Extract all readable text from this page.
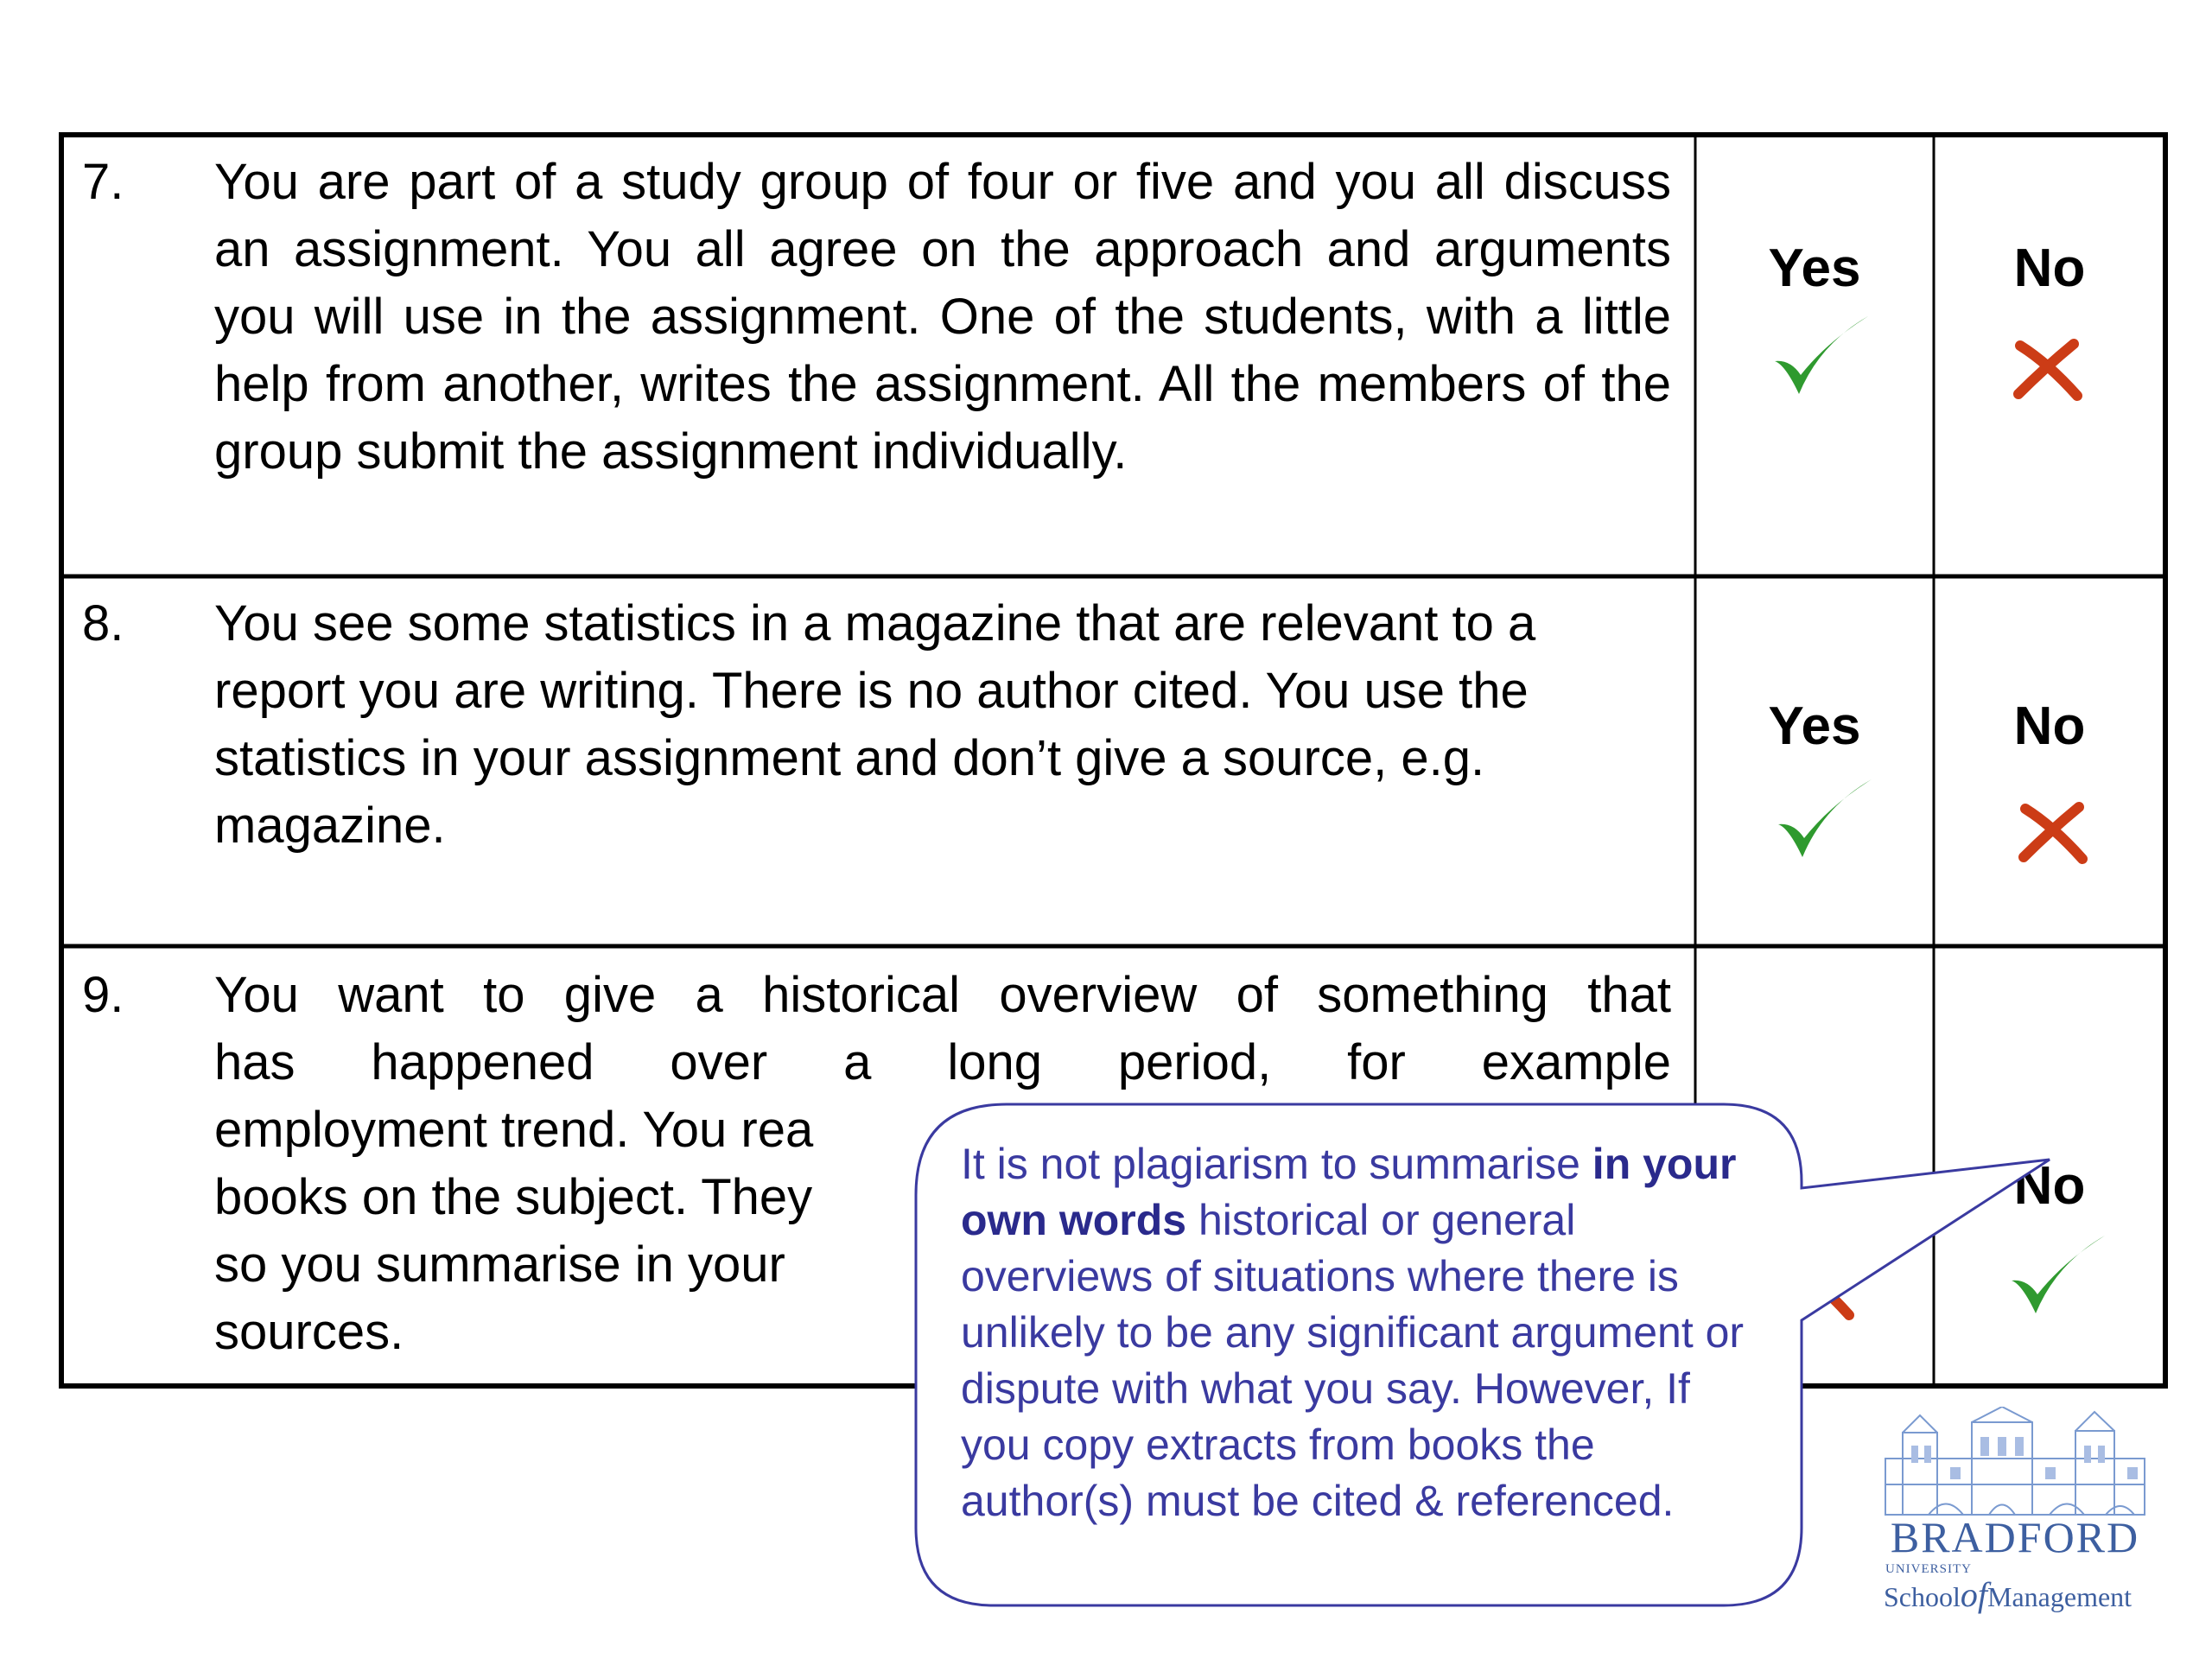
7. You are part of a study group of four or five and you all discuss an assignment. You all agree on the approach and arguments you will use in the assignment. One of the students, with a little help from another, writes the assignment. All the members of the group submit the assignment individually.
Yes	No
8. You see some statistics in a magazine that are relevant to a report you are writing. There is no author cited. You use the statistics in your assignment and don’t give a source, e.g. magazine.
Yes	No
9. You want to give a historical overview of something that
has happened over a long period, for example
employment trend. You rea
books on the subject. They
so you summarise in your
sources.
No
It is not plagiarism to summarise in your own words historical or general overviews of situations where there is unlikely to be any significant argument or dispute with what you say. However, If you copy extracts from books the author(s) must be cited & referenced.
BRADFORD
UNIVERSITY
SchoolofManagement
